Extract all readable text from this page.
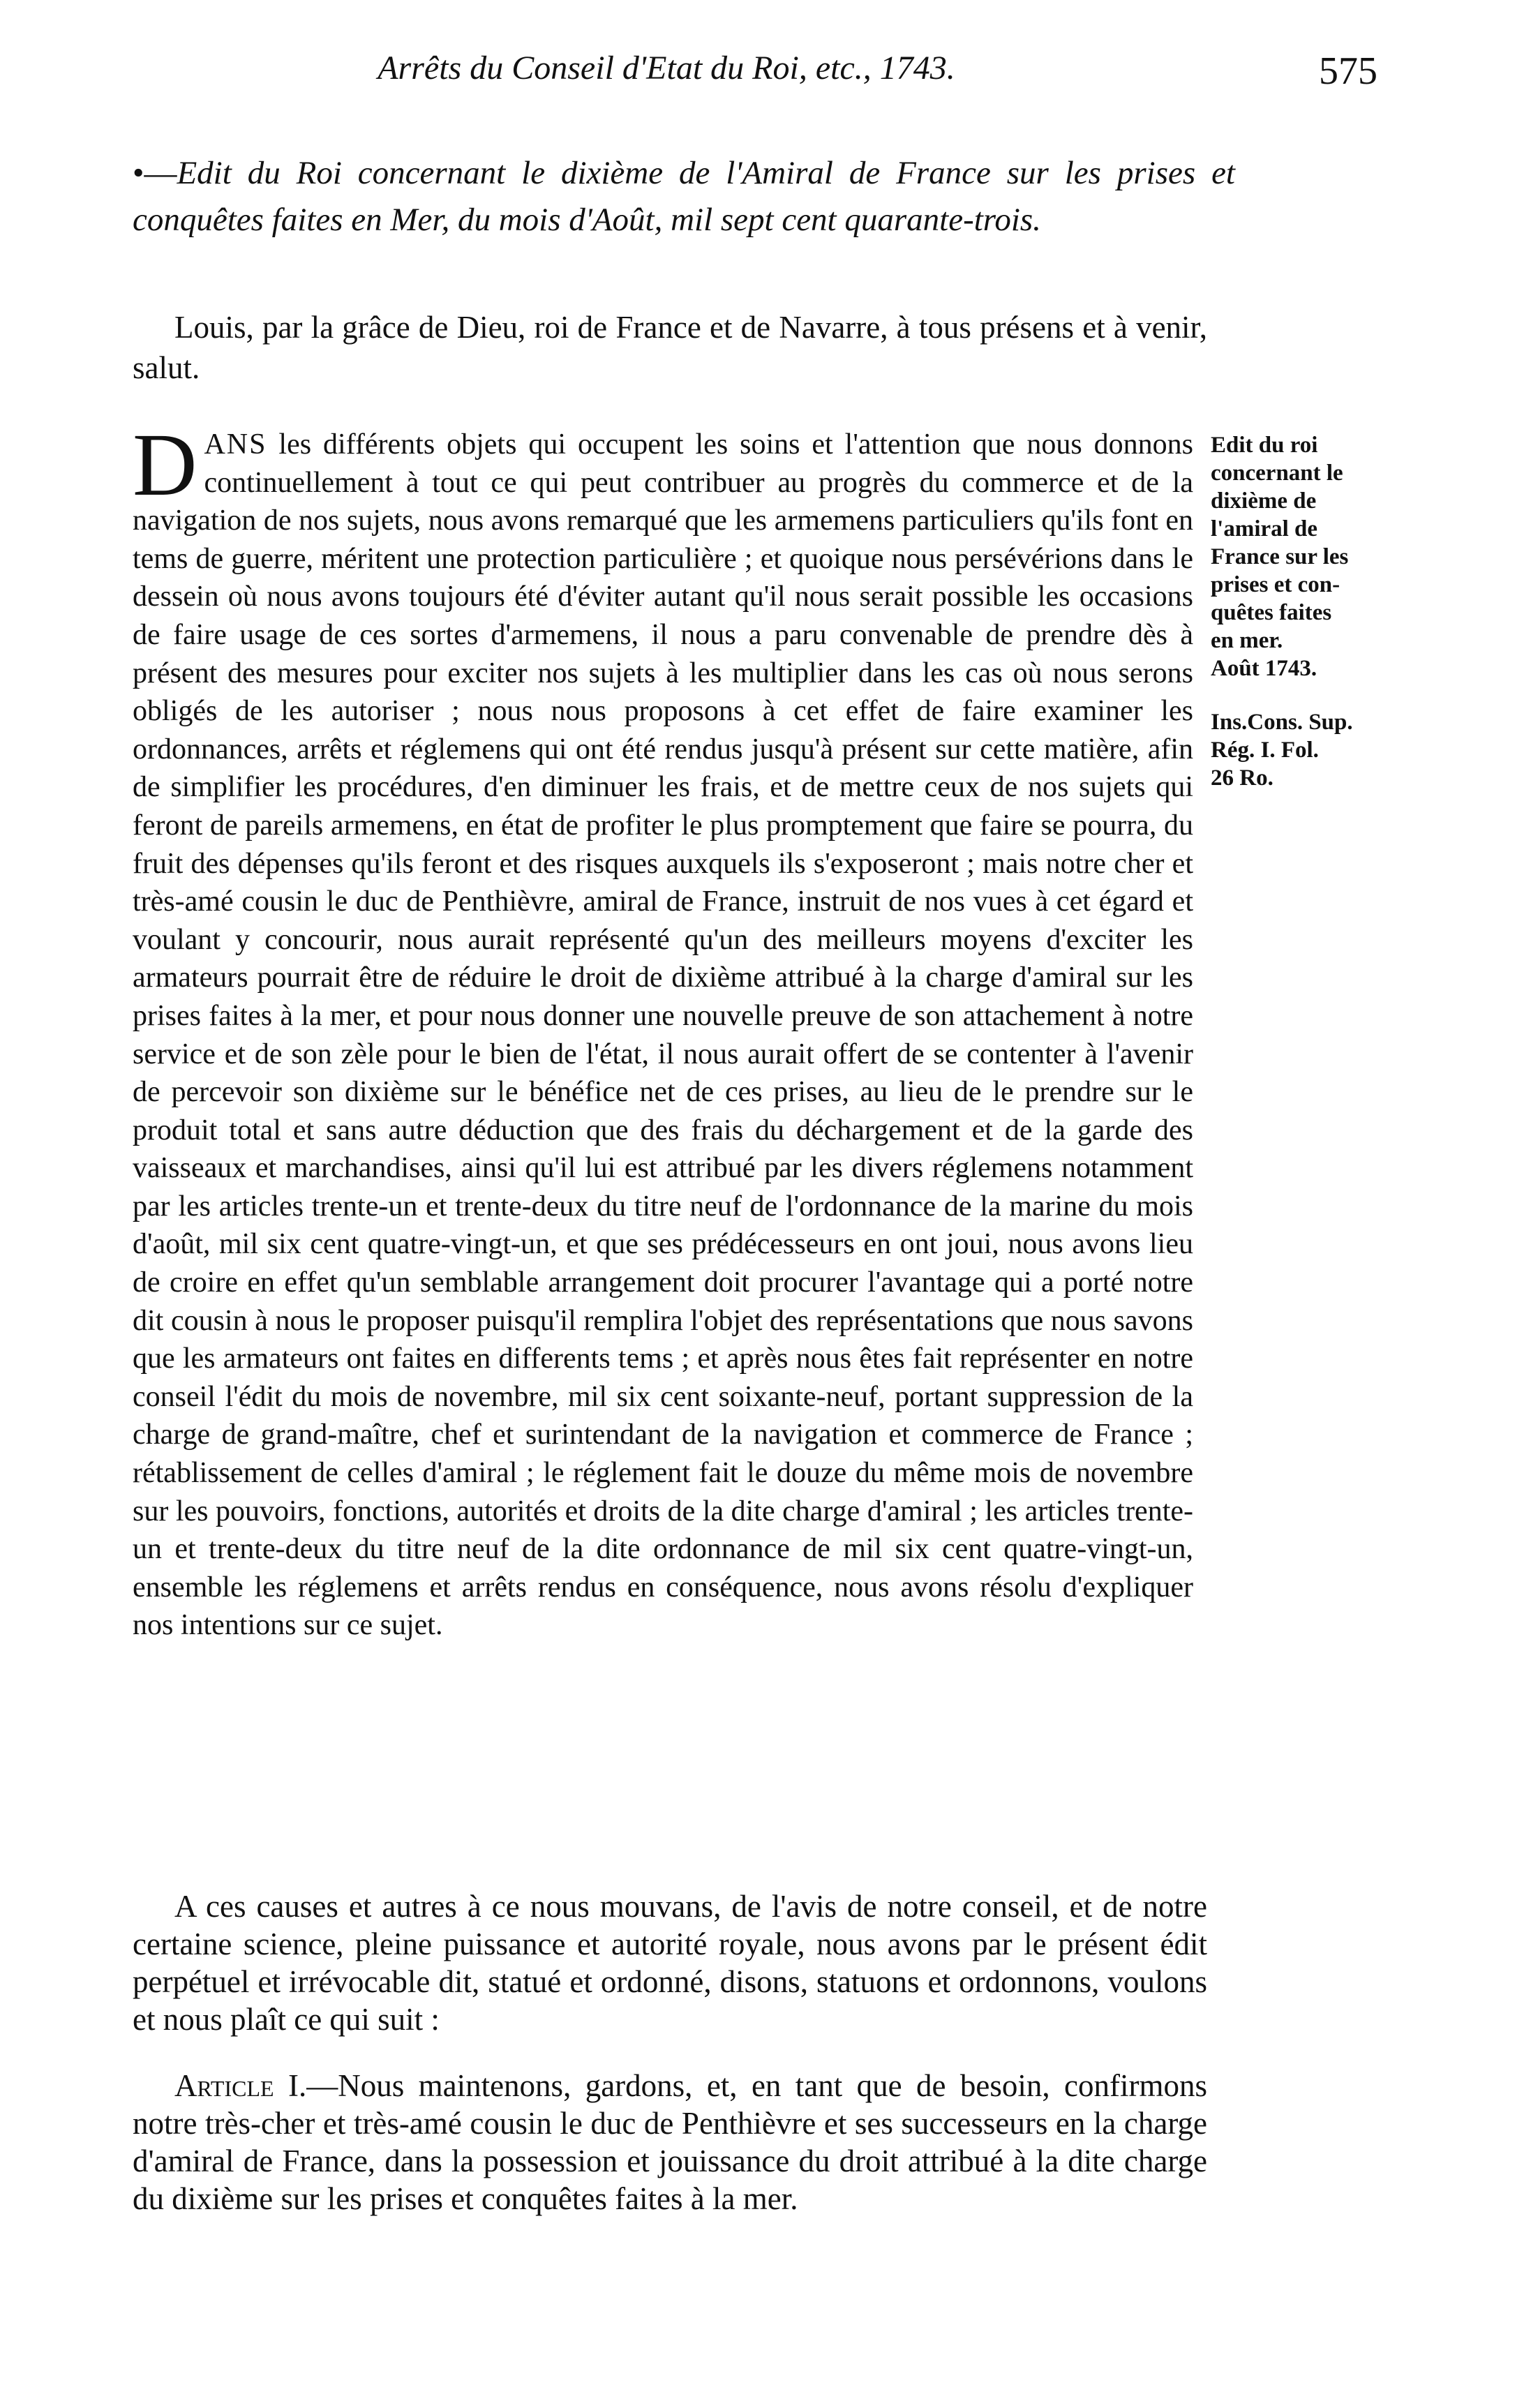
Arrêts du Conseil d'Etat du Roi, etc., 1743.	575
•—Edit du Roi concernant le dixième de l'Amiral de France sur les prises et conquêtes faites en Mer, du mois d'Août, mil sept cent quarante-trois.
Louis, par la grâce de Dieu, roi de France et de Navarre, à tous présens et à venir, salut.
DANS les différents objets qui occupent les soins et l'attention que nous donnons continuellement à tout ce qui peut contribuer au progrès du commerce et de la navigation de nos sujets, nous avons remarqué que les armemens particuliers qu'ils font en tems de guerre, méritent une protection particulière ; et quoique nous persévérions dans le dessein où nous avons toujours été d'éviter autant qu'il nous serait possible les occasions de faire usage de ces sortes d'armemens, il nous a paru convenable de prendre dès à présent des mesures pour exciter nos sujets à les multiplier dans les cas où nous serons obligés de les autoriser ; nous nous proposons à cet effet de faire examiner les ordonnances, arrêts et réglemens qui ont été rendus jusqu'à présent sur cette matière, afin de simplifier les procédures, d'en diminuer les frais, et de mettre ceux de nos sujets qui feront de pareils armemens, en état de profiter le plus promptement que faire se pourra, du fruit des dépenses qu'ils feront et des risques auxquels ils s'exposeront ; mais notre cher et très-amé cousin le duc de Penthièvre, amiral de France, instruit de nos vues à cet égard et voulant y concourir, nous aurait représenté qu'un des meilleurs moyens d'exciter les armateurs pourrait être de réduire le droit de dixième attribué à la charge d'amiral sur les prises faites à la mer, et pour nous donner une nouvelle preuve de son attachement à notre service et de son zèle pour le bien de l'état, il nous aurait offert de se contenter à l'avenir de percevoir son dixième sur le bénéfice net de ces prises, au lieu de le prendre sur le produit total et sans autre déduction que des frais du déchargement et de la garde des vaisseaux et marchandises, ainsi qu'il lui est attribué par les divers réglemens notamment par les articles trente-un et trente-deux du titre neuf de l'ordonnance de la marine du mois d'août, mil six cent quatre-vingt-un, et que ses prédécesseurs en ont joui, nous avons lieu de croire en effet qu'un semblable arrangement doit procurer l'avantage qui a porté notre dit cousin à nous le proposer puisqu'il remplira l'objet des représentations que nous savons que les armateurs ont faites en differents tems ; et après nous êtes fait représenter en notre conseil l'édit du mois de novembre, mil six cent soixante-neuf, portant suppression de la charge de grand-maître, chef et surintendant de la navigation et commerce de France ; rétablissement de celles d'amiral ; le réglement fait le douze du même mois de novembre sur les pouvoirs, fonctions, autorités et droits de la dite charge d'amiral ; les articles trente-un et trente-deux du titre neuf de la dite ordonnance de mil six cent quatre-vingt-un, ensemble les réglemens et arrêts rendus en conséquence, nous avons résolu d'expliquer nos intentions sur ce sujet.
Edit du roi
concernant le
dixième de
l'amiral de
France sur les
prises et con-
quêtes faites
en mer.
Août 1743.
Ins.Cons. Sup.
Rég. I. Fol.
26 Ro.
A ces causes et autres à ce nous mouvans, de l'avis de notre conseil, et de notre certaine science, pleine puissance et autorité royale, nous avons par le présent édit perpétuel et irrévocable dit, statué et ordonné, disons, statuons et ordonnons, voulons et nous plaît ce qui suit :
Article I.—Nous maintenons, gardons, et, en tant que de besoin, confirmons notre très-cher et très-amé cousin le duc de Penthièvre et ses successeurs en la charge d'amiral de France, dans la possession et jouissance du droit attribué à la dite charge du dixième sur les prises et conquêtes faites à la mer.
